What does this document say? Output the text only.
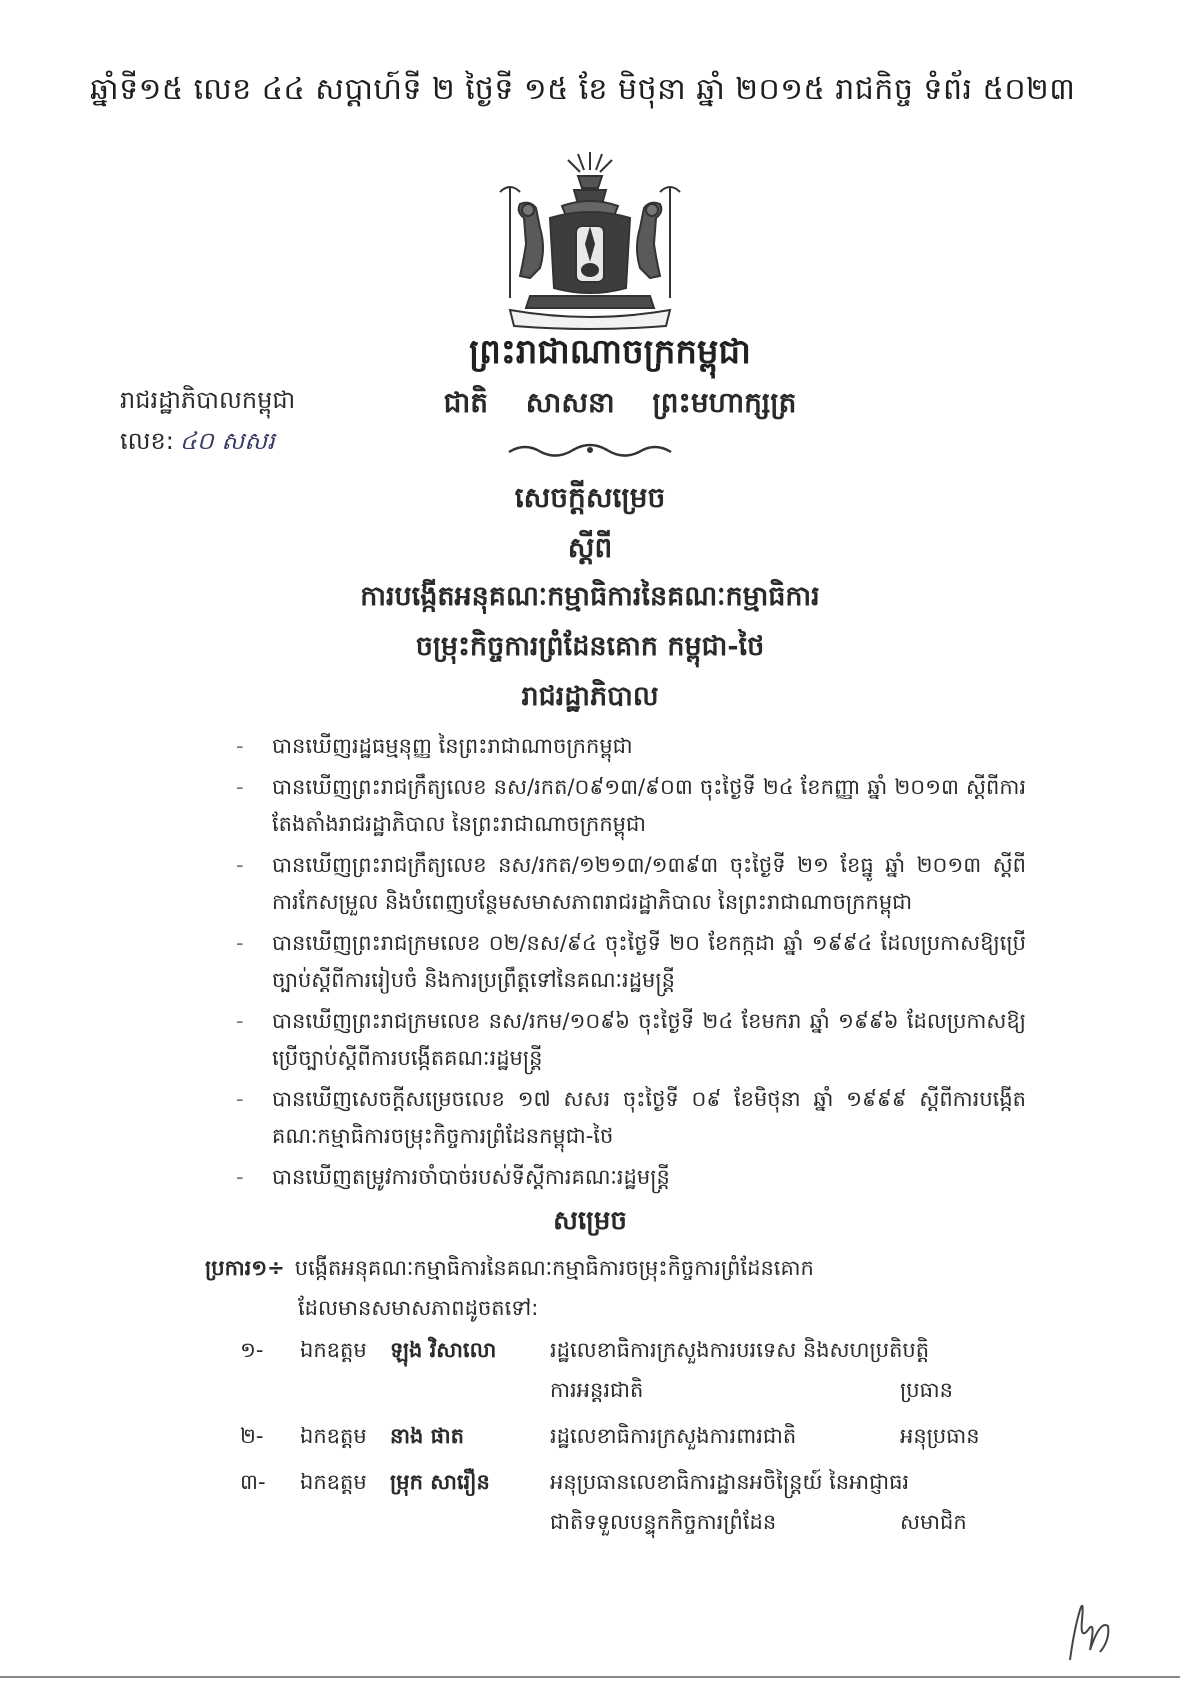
ឆ្នាំទី១៥ លេខ ៤៤ សប្ដាហ៍ទី ២ ថ្ងៃទី ១៥ ខែ មិថុនា ឆ្នាំ ២០១៥ រាជកិច្ច ទំព័រ ៥០២៣
ព្រះរាជាណាចក្រកម្ពុជា
ជាតិ សាសនា ព្រះមហាក្សត្រ
រាជរដ្ឋាភិបាលកម្ពុជា
លេខ: ៤០ សសរ
សេចក្ដីសម្រេច
ស្ដីពី
ការបង្កើតអនុគណៈកម្មាធិការនៃគណៈកម្មាធិការ
ចម្រុះកិច្ចការព្រំដែនគោក កម្ពុជា-ថៃ
រាជរដ្ឋាភិបាល
- បានឃើញរដ្ឋធម្មនុញ្ញ នៃព្រះរាជាណាចក្រកម្ពុជា
- បានឃើញព្រះរាជក្រឹត្យលេខ នស/រកត/០៩១៣/៩០៣ ចុះថ្ងៃទី ២៤ ខែកញ្ញា ឆ្នាំ ២០១៣ ស្ដីពីការតែងតាំងរាជរដ្ឋាភិបាល នៃព្រះរាជាណាចក្រកម្ពុជា
- បានឃើញព្រះរាជក្រឹត្យលេខ នស/រកត/១២១៣/១៣៩៣ ចុះថ្ងៃទី ២១ ខែធ្នូ ឆ្នាំ ២០១៣ ស្ដីពីការកែសម្រួល និងបំពេញបន្ថែមសមាសភាពរាជរដ្ឋាភិបាល នៃព្រះរាជាណាចក្រកម្ពុជា
- បានឃើញព្រះរាជក្រមលេខ ០២/នស/៩៤ ចុះថ្ងៃទី ២០ ខែកក្កដា ឆ្នាំ ១៩៩៤ ដែលប្រកាសឱ្យប្រើច្បាប់ស្ដីពីការរៀបចំ និងការប្រព្រឹត្តទៅនៃគណៈរដ្ឋមន្ត្រី
- បានឃើញព្រះរាជក្រមលេខ នស/រកម/១០៩៦ ចុះថ្ងៃទី ២៤ ខែមករា ឆ្នាំ ១៩៩៦ ដែលប្រកាសឱ្យប្រើច្បាប់ស្ដីពីការបង្កើតគណៈរដ្ឋមន្ត្រី
- បានឃើញសេចក្ដីសម្រេចលេខ ១៧ សសរ ចុះថ្ងៃទី ០៩ ខែមិថុនា ឆ្នាំ ១៩៩៩ ស្ដីពីការបង្កើតគណៈកម្មាធិការចម្រុះកិច្ចការព្រំដែនកម្ពុជា-ថៃ
- បានឃើញតម្រូវការចាំបាច់របស់ទីស្ដីការគណៈរដ្ឋមន្ត្រី
សម្រេច
ប្រការ១÷ បង្កើតអនុគណៈកម្មាធិការនៃគណៈកម្មាធិការចម្រុះកិច្ចការព្រំដែនគោក
ដែលមានសមាសភាពដូចតទៅ:
១-	ឯកឧត្ដម ឡុង វិសាលោ	រដ្ឋលេខាធិការក្រសួងការបរទេស និងសហប្រតិបត្តិការអន្តរជាតិ	ប្រធាន
២-	ឯកឧត្ដម នាង ផាត	រដ្ឋលេខាធិការក្រសួងការពារជាតិ	អនុប្រធាន
៣-	ឯកឧត្ដម ម្រុក សារឿន	អនុប្រធានលេខាធិការដ្ឋានអចិន្ត្រៃយ៍ នៃអាជ្ញាធរជាតិទទួលបន្ទុកកិច្ចការព្រំដែន	សមាជិក
